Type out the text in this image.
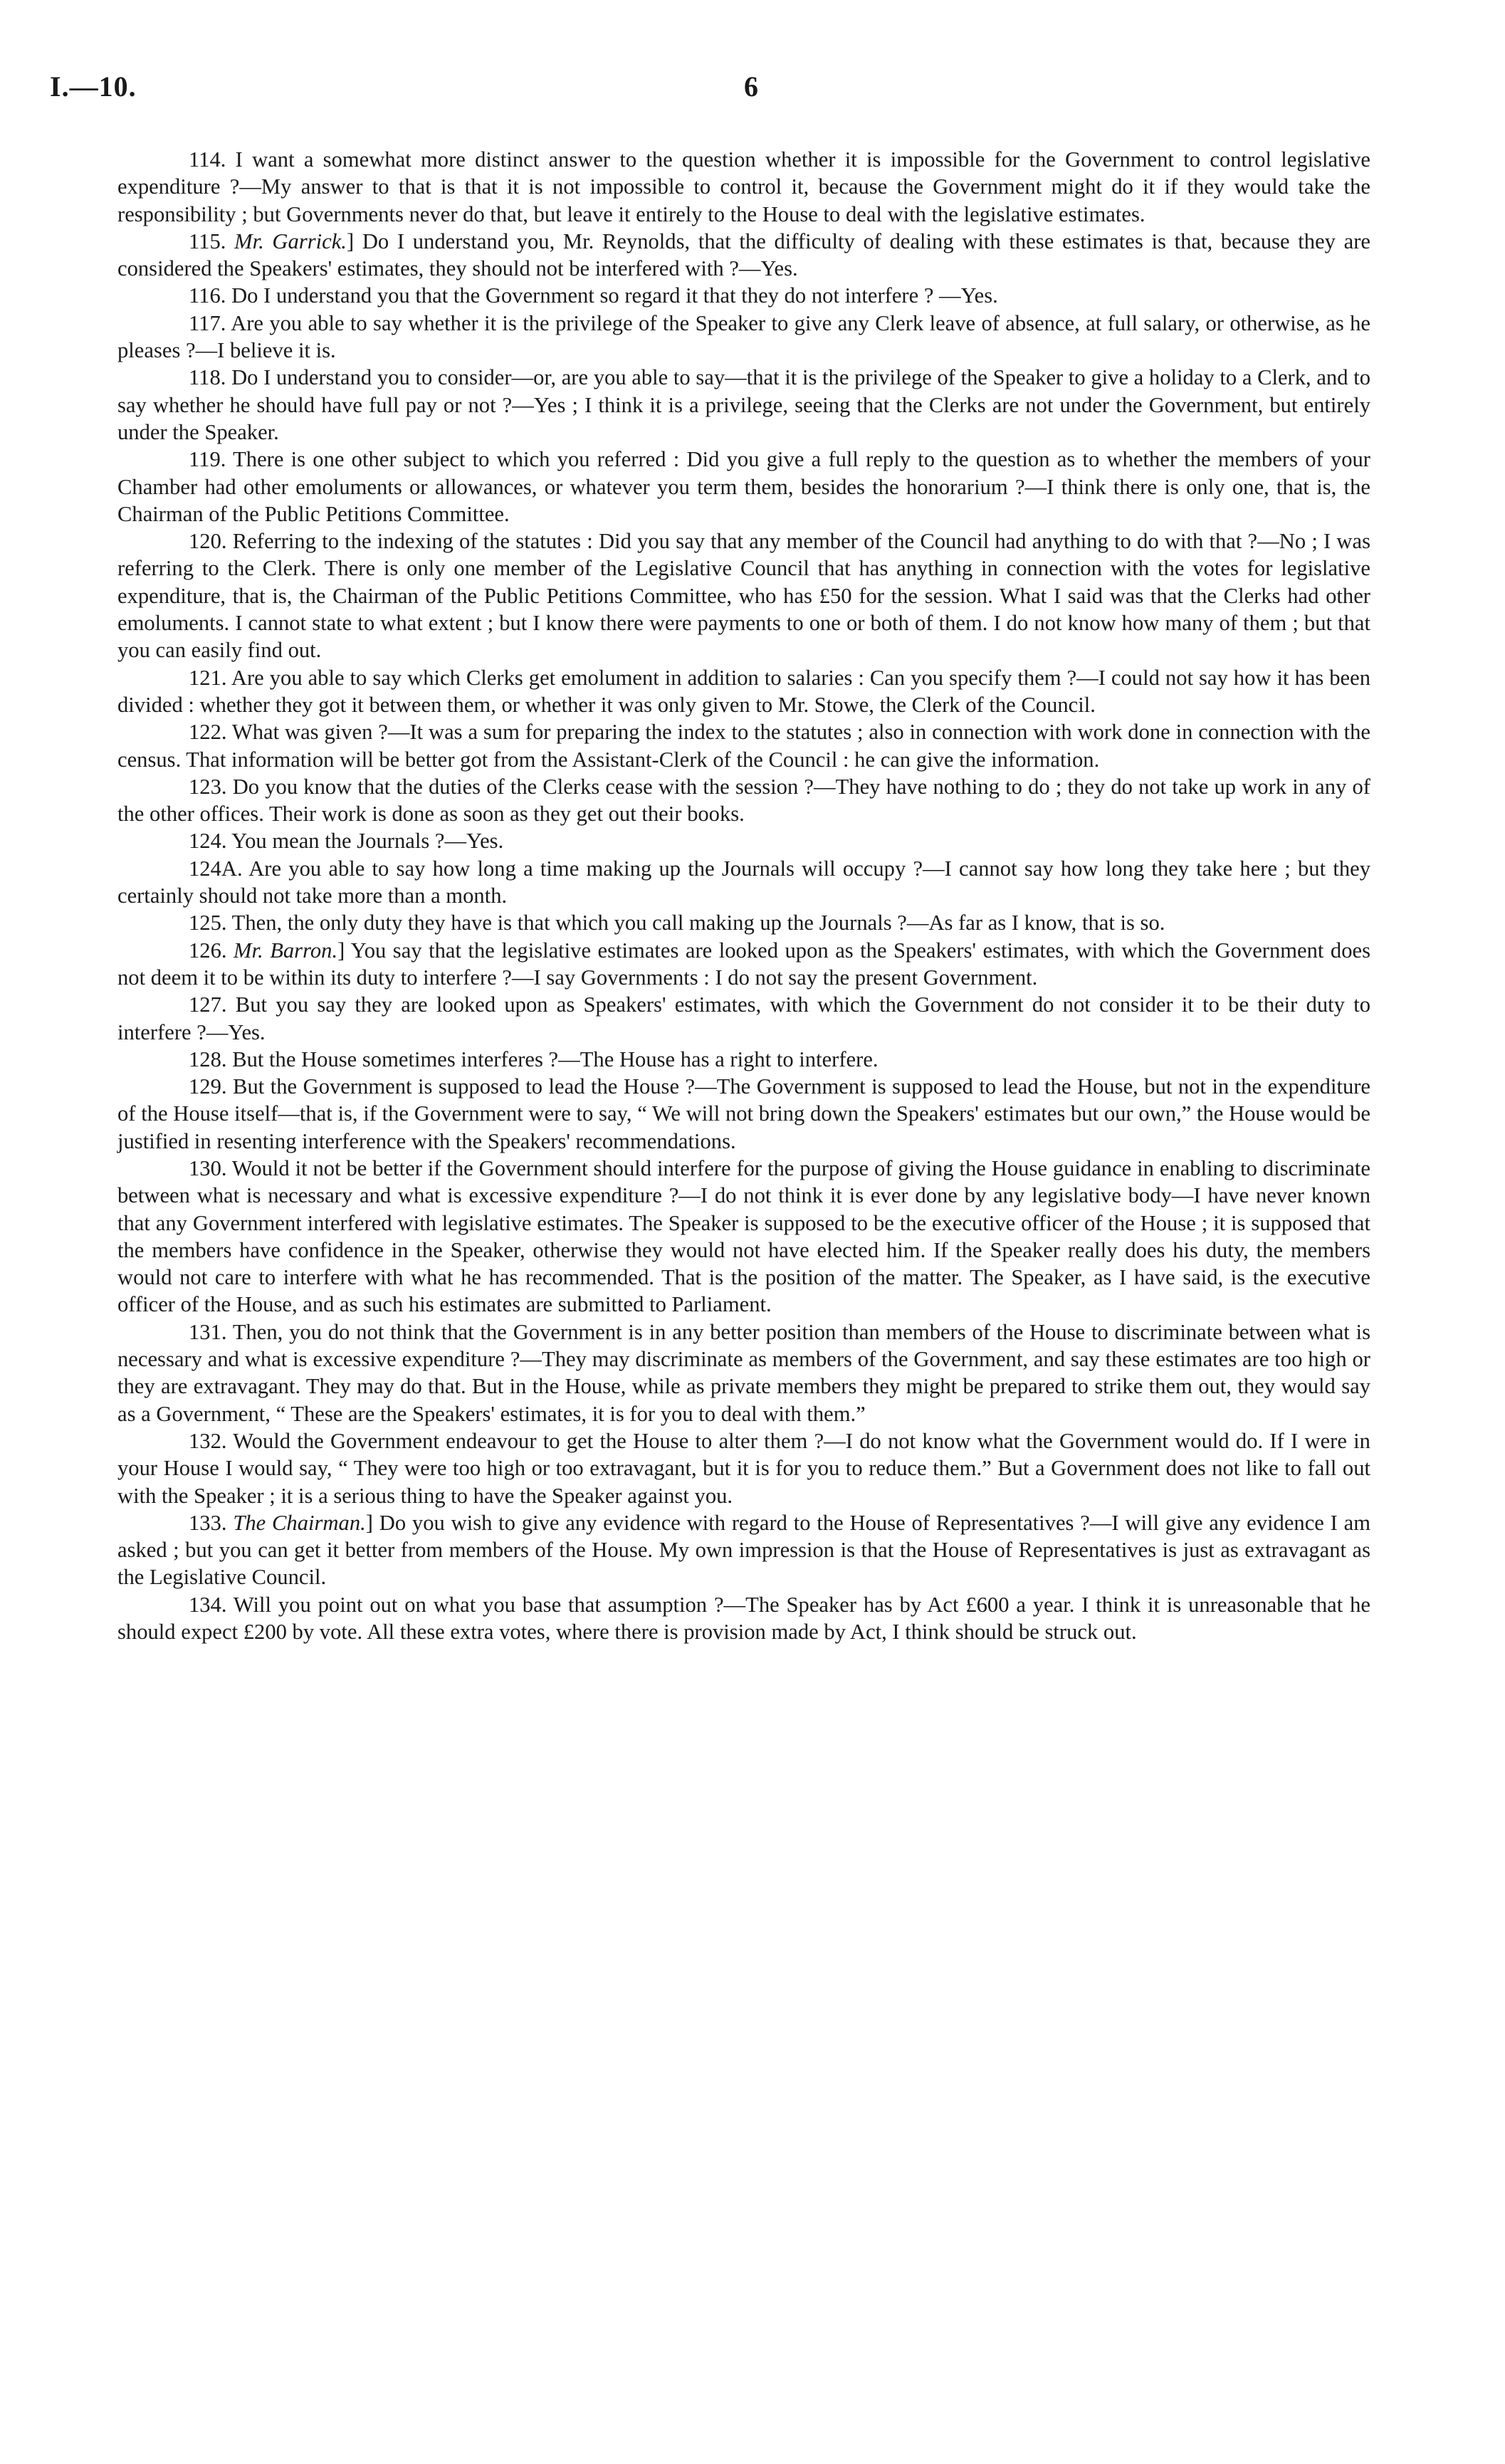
I.—10.	6

114. I want a somewhat more distinct answer to the question whether it is impossible for the Government to control legislative expenditure ?—My answer to that is that it is not impossible to control it, because the Government might do it if they would take the responsibility ; but Governments never do that, but leave it entirely to the House to deal with the legislative estimates.

115. Mr. Garrick.] Do I understand you, Mr. Reynolds, that the difficulty of dealing with these estimates is that, because they are considered the Speakers' estimates, they should not be interfered with ?—Yes.

116. Do I understand you that the Government so regard it that they do not interfere ? —Yes.

117. Are you able to say whether it is the privilege of the Speaker to give any Clerk leave of absence, at full salary, or otherwise, as he pleases ?—I believe it is.

118. Do I understand you to consider—or, are you able to say—that it is the privilege of the Speaker to give a holiday to a Clerk, and to say whether he should have full pay or not ?—Yes ; I think it is a privilege, seeing that the Clerks are not under the Government, but entirely under the Speaker.

119. There is one other subject to which you referred : Did you give a full reply to the question as to whether the members of your Chamber had other emoluments or allowances, or whatever you term them, besides the honorarium ?—I think there is only one, that is, the Chairman of the Public Petitions Committee.

120. Referring to the indexing of the statutes : Did you say that any member of the Council had anything to do with that ?—No ; I was referring to the Clerk. There is only one member of the Legislative Council that has anything in connection with the votes for legislative expenditure, that is, the Chairman of the Public Petitions Committee, who has £50 for the session. What I said was that the Clerks had other emoluments. I cannot state to what extent ; but I know there were payments to one or both of them. I do not know how many of them ; but that you can easily find out.

121. Are you able to say which Clerks get emolument in addition to salaries : Can you specify them ?—I could not say how it has been divided : whether they got it between them, or whether it was only given to Mr. Stowe, the Clerk of the Council.

122. What was given ?—It was a sum for preparing the index to the statutes ; also in connection with work done in connection with the census. That information will be better got from the Assistant-Clerk of the Council : he can give the information.

123. Do you know that the duties of the Clerks cease with the session ?—They have nothing to do ; they do not take up work in any of the other offices. Their work is done as soon as they get out their books.

124. You mean the Journals ?—Yes.

124A. Are you able to say how long a time making up the Journals will occupy ?—I cannot say how long they take here ; but they certainly should not take more than a month.

125. Then, the only duty they have is that which you call making up the Journals ?—As far as I know, that is so.

126. Mr. Barron.] You say that the legislative estimates are looked upon as the Speakers' estimates, with which the Government does not deem it to be within its duty to interfere ?—I say Governments : I do not say the present Government.

127. But you say they are looked upon as Speakers' estimates, with which the Government do not consider it to be their duty to interfere ?—Yes.

128. But the House sometimes interferes ?—The House has a right to interfere.

129. But the Government is supposed to lead the House ?—The Government is supposed to lead the House, but not in the expenditure of the House itself—that is, if the Government were to say, “ We will not bring down the Speakers' estimates but our own,” the House would be justified in resenting interference with the Speakers' recommendations.

130. Would it not be better if the Government should interfere for the purpose of giving the House guidance in enabling to discriminate between what is necessary and what is excessive expenditure ?—I do not think it is ever done by any legislative body—I have never known that any Government interfered with legislative estimates. The Speaker is supposed to be the executive officer of the House ; it is supposed that the members have confidence in the Speaker, otherwise they would not have elected him. If the Speaker really does his duty, the members would not care to interfere with what he has recommended. That is the position of the matter. The Speaker, as I have said, is the executive officer of the House, and as such his estimates are submitted to Parliament.

131. Then, you do not think that the Government is in any better position than members of the House to discriminate between what is necessary and what is excessive expenditure ?—They may discriminate as members of the Government, and say these estimates are too high or they are extravagant. They may do that. But in the House, while as private members they might be prepared to strike them out, they would say as a Government, “ These are the Speakers' estimates, it is for you to deal with them.”

132. Would the Government endeavour to get the House to alter them ?—I do not know what the Government would do. If I were in your House I would say, “ They were too high or too extravagant, but it is for you to reduce them.” But a Government does not like to fall out with the Speaker ; it is a serious thing to have the Speaker against you.

133. The Chairman.] Do you wish to give any evidence with regard to the House of Representatives ?—I will give any evidence I am asked ; but you can get it better from members of the House. My own impression is that the House of Representatives is just as extravagant as the Legislative Council.

134. Will you point out on what you base that assumption ?—The Speaker has by Act £600 a year. I think it is unreasonable that he should expect £200 by vote. All these extra votes, where there is provision made by Act, I think should be struck out.
